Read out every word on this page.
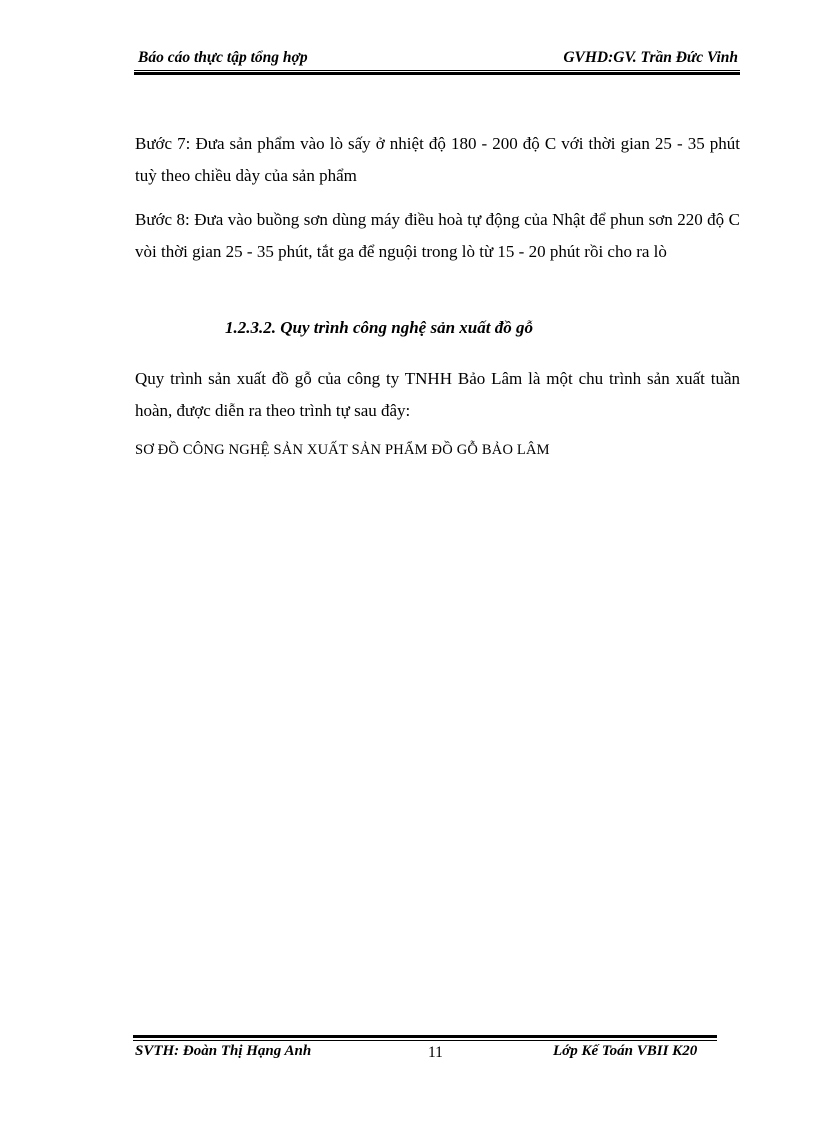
Báo cáo thực tập tổng hợp	GVHD:GV. Trần Đức Vinh
Bước 7: Đưa sản phẩm vào lò sấy ở nhiệt độ 180 - 200 độ C với thời gian 25 - 35 phút tuỳ theo chiều dày của sản phẩm
Bước 8: Đưa vào buồng sơn dùng máy điều hoà tự động của Nhật để phun sơn 220 độ C vòi thời gian 25 - 35 phút, tắt ga để nguội trong lò từ 15 - 20 phút rồi cho ra lò
1.2.3.2. Quy trình công nghệ sản xuất đồ gỗ
Quy trình sản xuất đồ gỗ của công ty TNHH Bảo Lâm là một chu trình sản xuất tuần hoàn, được diễn ra theo trình tự sau đây:
SƠ ĐỒ CÔNG NGHỆ SẢN XUẤT SẢN PHẨM ĐỒ GỖ BẢO LÂM
SVTH: Đoàn Thị Hạng Anh	11	Lớp Kế Toán VBII K20
